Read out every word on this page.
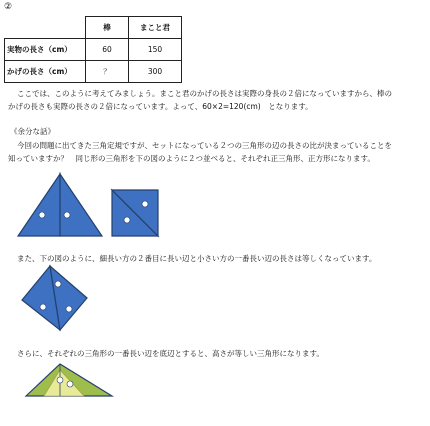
②
	棒	まこと君
実物の長さ（cm）	60	150
かげの長さ（cm）	？	300
ここでは、このように考えてみましょう。まこと君のかげの長さは実際の身長の２倍になっていますから、棒の
かげの長さも実際の長さの２倍になっています。よって、60×2=120(cm)　となります。
《余分な話》
今回の問題に出てきた三角定規ですが、セットになっている２つの三角形の辺の長さの比が決まっていることを
知っていますか？　同じ形の三角形を下の図のように２つ並べると、それぞれ正三角形、正方形になります。
また、下の図のように、細長い方の２番目に長い辺と小さい方の一番長い辺の長さは等しくなっています。
さらに、それぞれの三角形の一番長い辺を底辺とすると、高さが等しい三角形になります。
